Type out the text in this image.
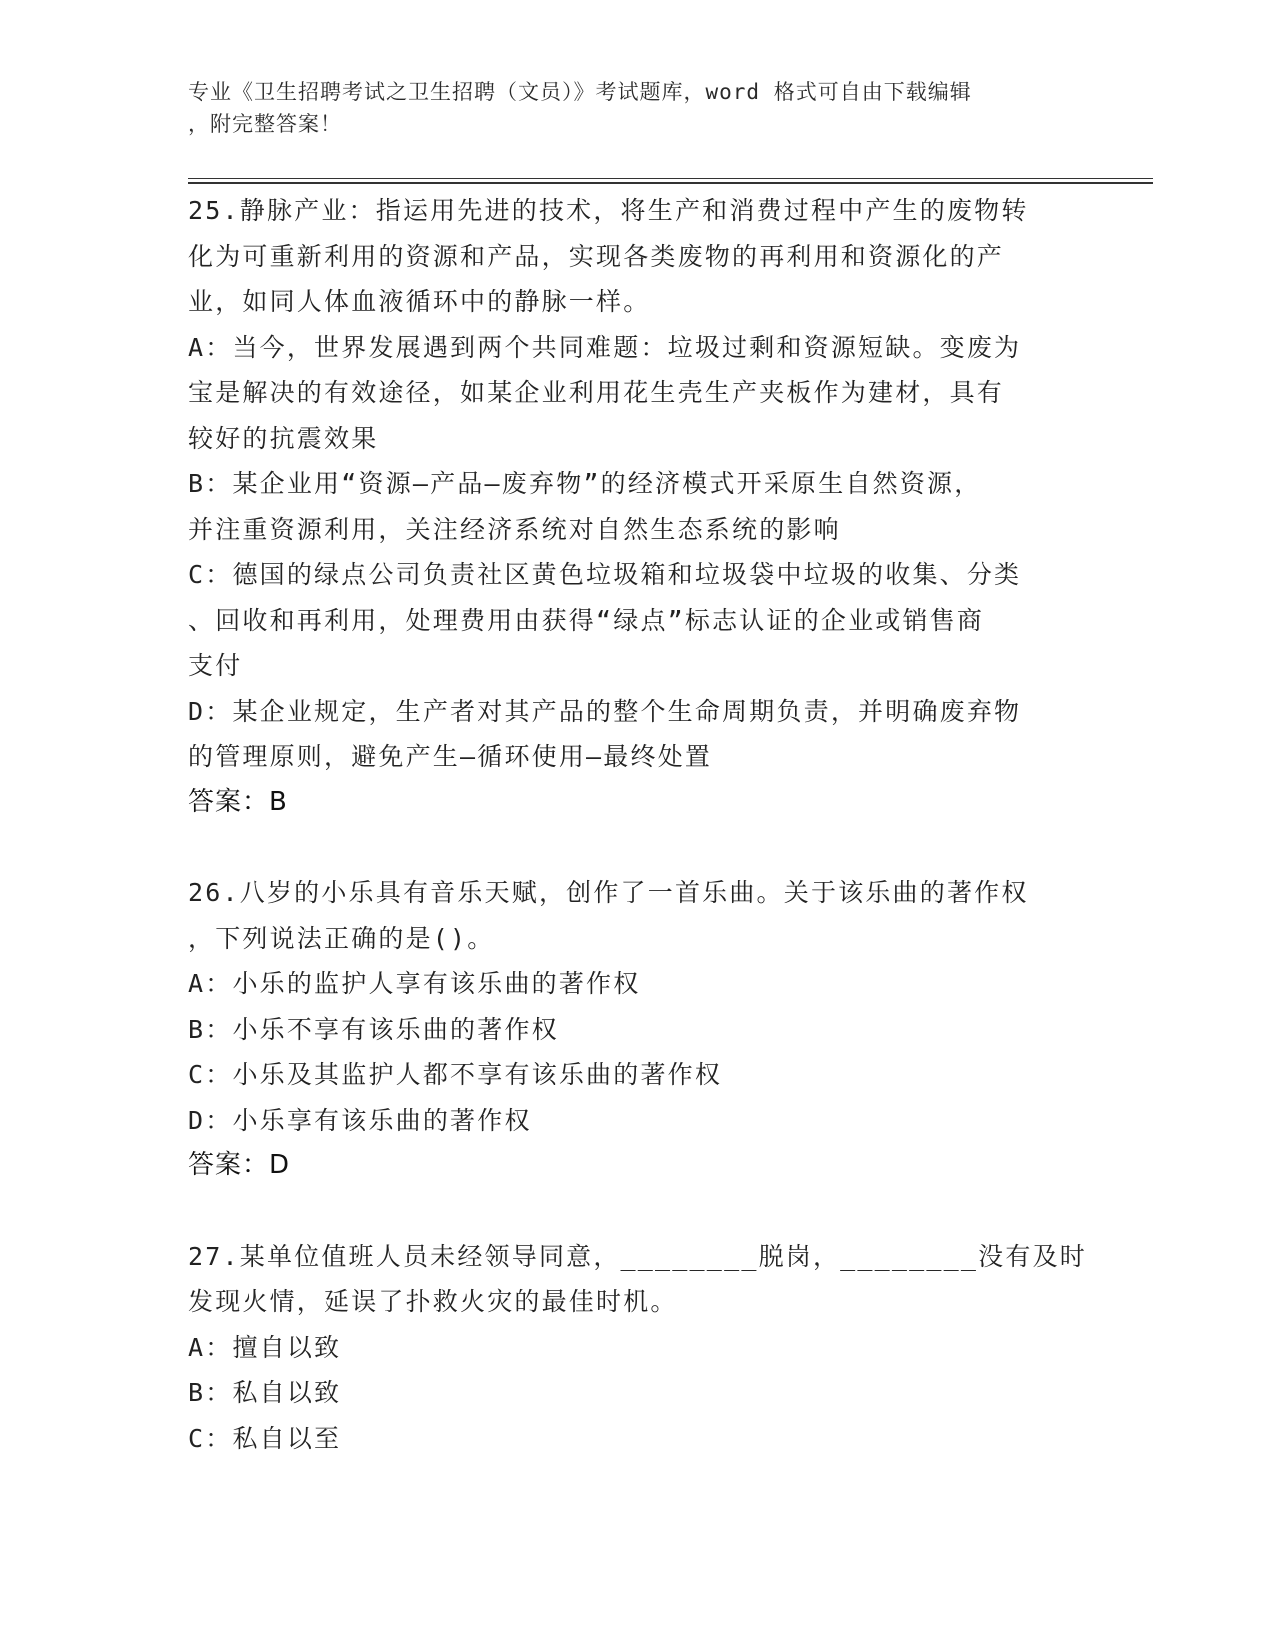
专业《卫生招聘考试之卫生招聘（文员）》考试题库，word 格式可自由下载编辑

，附完整答案！

25.静脉产业：指运用先进的技术，将生产和消费过程中产生的废物转

化为可重新利用的资源和产品，实现各类废物的再利用和资源化的产

业，如同人体血液循环中的静脉一样。

A：当今，世界发展遇到两个共同难题：垃圾过剩和资源短缺。变废为

宝是解决的有效途径，如某企业利用花生壳生产夹板作为建材，具有

较好的抗震效果

B：某企业用“资源—产品—废弃物”的经济模式开采原生自然资源，

并注重资源利用，关注经济系统对自然生态系统的影响

C：德国的绿点公司负责社区黄色垃圾箱和垃圾袋中垃圾的收集、分类

、回收和再利用，处理费用由获得“绿点”标志认证的企业或销售商

支付

D：某企业规定，生产者对其产品的整个生命周期负责，并明确废弃物

的管理原则，避免产生—循环使用—最终处置

答案：B

26.八岁的小乐具有音乐天赋，创作了一首乐曲。关于该乐曲的著作权

，下列说法正确的是()。

A：小乐的监护人享有该乐曲的著作权

B：小乐不享有该乐曲的著作权

C：小乐及其监护人都不享有该乐曲的著作权

D：小乐享有该乐曲的著作权

答案：D

27.某单位值班人员未经领导同意，________脱岗，________没有及时

发现火情，延误了扑救火灾的最佳时机。

A：擅自以致

B：私自以致

C：私自以至
